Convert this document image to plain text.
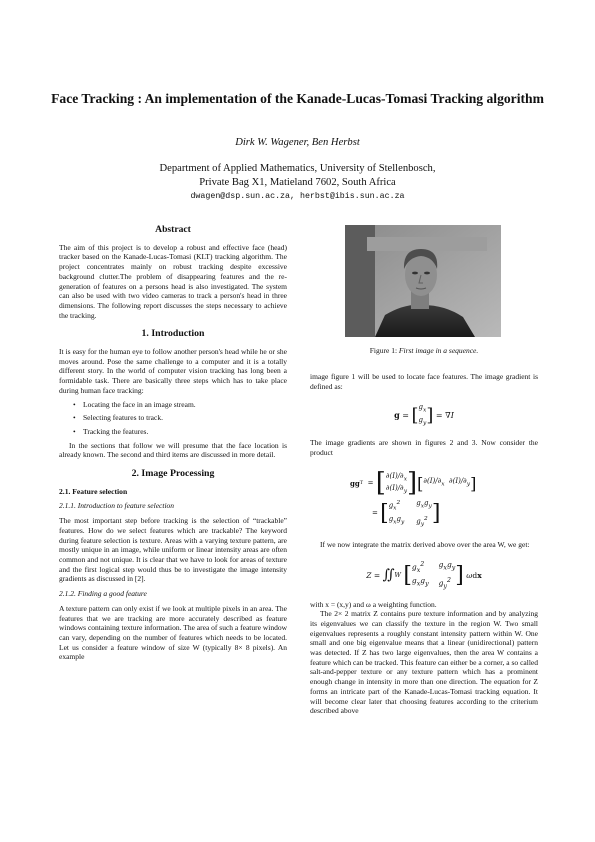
Face Tracking : An implementation of the Kanade-Lucas-Tomasi Tracking algorithm
Dirk W. Wagener, Ben Herbst
Department of Applied Mathematics, University of Stellenbosch,
Private Bag X1, Matieland 7602, South Africa
dwagen@dsp.sun.ac.za, herbst@ibis.sun.ac.za
Abstract

The aim of this project is to develop a robust and effective face (head) tracker based on the Kanade-Lucas-Tomasi (KLT) tracking algorithm. The project concentrates mainly on robust tracking despite excessive background clutter.The problem of disappearing features and the re-generation of features on a persons head is also investigated. The system can also be used with two video cameras to track a person's head in three dimensions. The following report discusses the steps necessary to achieve the tracking.

1. Introduction

It is easy for the human eye to follow another person's head while he or she moves around. Pose the same challenge to a computer and it is a totally different story. In the world of computer vision tracking has long been a formidable task. There are basically three steps which has to take place during human face tracking:

• Locating the face in an image stream.
• Selecting features to track.
• Tracking the features.

In the sections that follow we will presume that the face location is already known. The second and third items are discussed in more detail.

2. Image Processing
2.1. Feature selection
2.1.1. Introduction to feature selection

The most important step before tracking is the selection of “trackable” features. How do we select features which are trackable? The keyword during feature selection is texture. Areas with a varying texture pattern, are mostly unique in an image, while uniform or linear intensity areas are often common and not unique. It is clear that we have to look for areas of texture and the first logical step would thus be to investigate the image intensity gradients as discussed in [2].

2.1.2. Finding a good feature

A texture pattern can only exist if we look at multiple pixels in an area. The features that we are tracking are more accurately described as feature windows containing texture information. The area of such a feature window can vary, depending on the number of features which needs to be located. Let us consider a feature window of size W (typically 8× 8 pixels). An example

Figure 1: First image in a sequence.

image figure 1 will be used to locate face features. The image gradient is defined as:

g = [ $g_x$
$g_y$ ] = ∇ I

The image gradients are shown in figures 2 and 3. Now consider the product

gg T = [ $\partial(I)/\partial_x$
$\partial(I)/\partial_y$ ] [ $\partial(I)/\partial_x$  $\partial(I)/\partial_y$ ]
= [ $g_x^2$	$g_xg_y$
$g_xg_y$ $g_y^2$ ]

If we now integrate the matrix derived above over the area W, we get:

Z = ∬ W
[ $g_x^2$	$g_xg_y$
$g_xg_y$ $g_y^2$ ]
ω d x

with x = (x,y) and ω a weighting function.

The 2× 2 matrix Z contains pure texture information and by analyzing its eigenvalues we can classify the texture in the region W. Two small eigenvalues represents a roughly constant intensity pattern within W. One small and one big eigenvalue means that a linear (unidirectional) pattern was detected. If Z has two large eigenvalues, then the area W contains a feature which can be tracked. This feature can either be a corner, a so called salt-and-pepper texture or any texture pattern which has a prominent enough change in intensity in more than one direction. The equation for Z forms an intricate part of the Kanade-Lucas-Tomasi tracking equation. It will become clear later that choosing features according to the criterium described above
